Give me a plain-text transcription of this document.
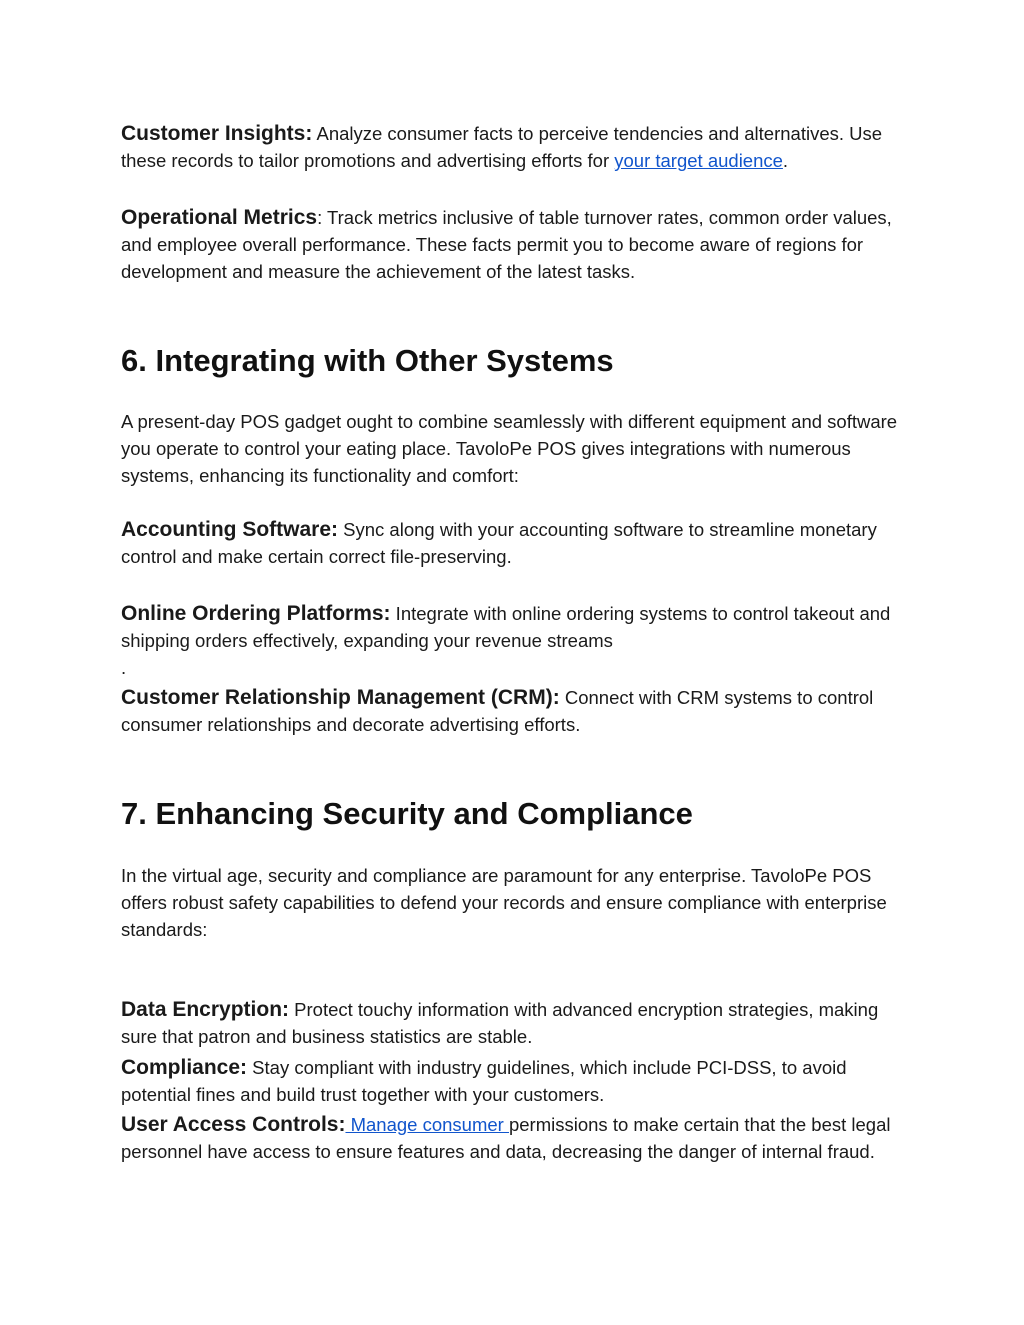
Customer Insights: Analyze consumer facts to perceive tendencies and alternatives. Use these records to tailor promotions and advertising efforts for your target audience.

Operational Metrics: Track metrics inclusive of table turnover rates, common order values, and employee overall performance. These facts permit you to become aware of regions for development and measure the achievement of the latest tasks.

6. Integrating with Other Systems

A present-day POS gadget ought to combine seamlessly with different equipment and software you operate to control your eating place. TavoloPe POS gives integrations with numerous systems, enhancing its functionality and comfort:

Accounting Software: Sync along with your accounting software to streamline monetary control and make certain correct file-preserving.

Online Ordering Platforms: Integrate with online ordering systems to control takeout and shipping orders effectively, expanding your revenue streams
.

Customer Relationship Management (CRM): Connect with CRM systems to control consumer relationships and decorate advertising efforts.

7. Enhancing Security and Compliance

In the virtual age, security and compliance are paramount for any enterprise. TavoloPe POS offers robust safety capabilities to defend your records and ensure compliance with enterprise standards:

Data Encryption: Protect touchy information with advanced encryption strategies, making sure that patron and business statistics are stable.

Compliance: Stay compliant with industry guidelines, which include PCI-DSS, to avoid potential fines and build trust together with your customers.

User Access Controls: Manage consumer permissions to make certain that the best legal personnel have access to ensure features and data, decreasing the danger of internal fraud.
